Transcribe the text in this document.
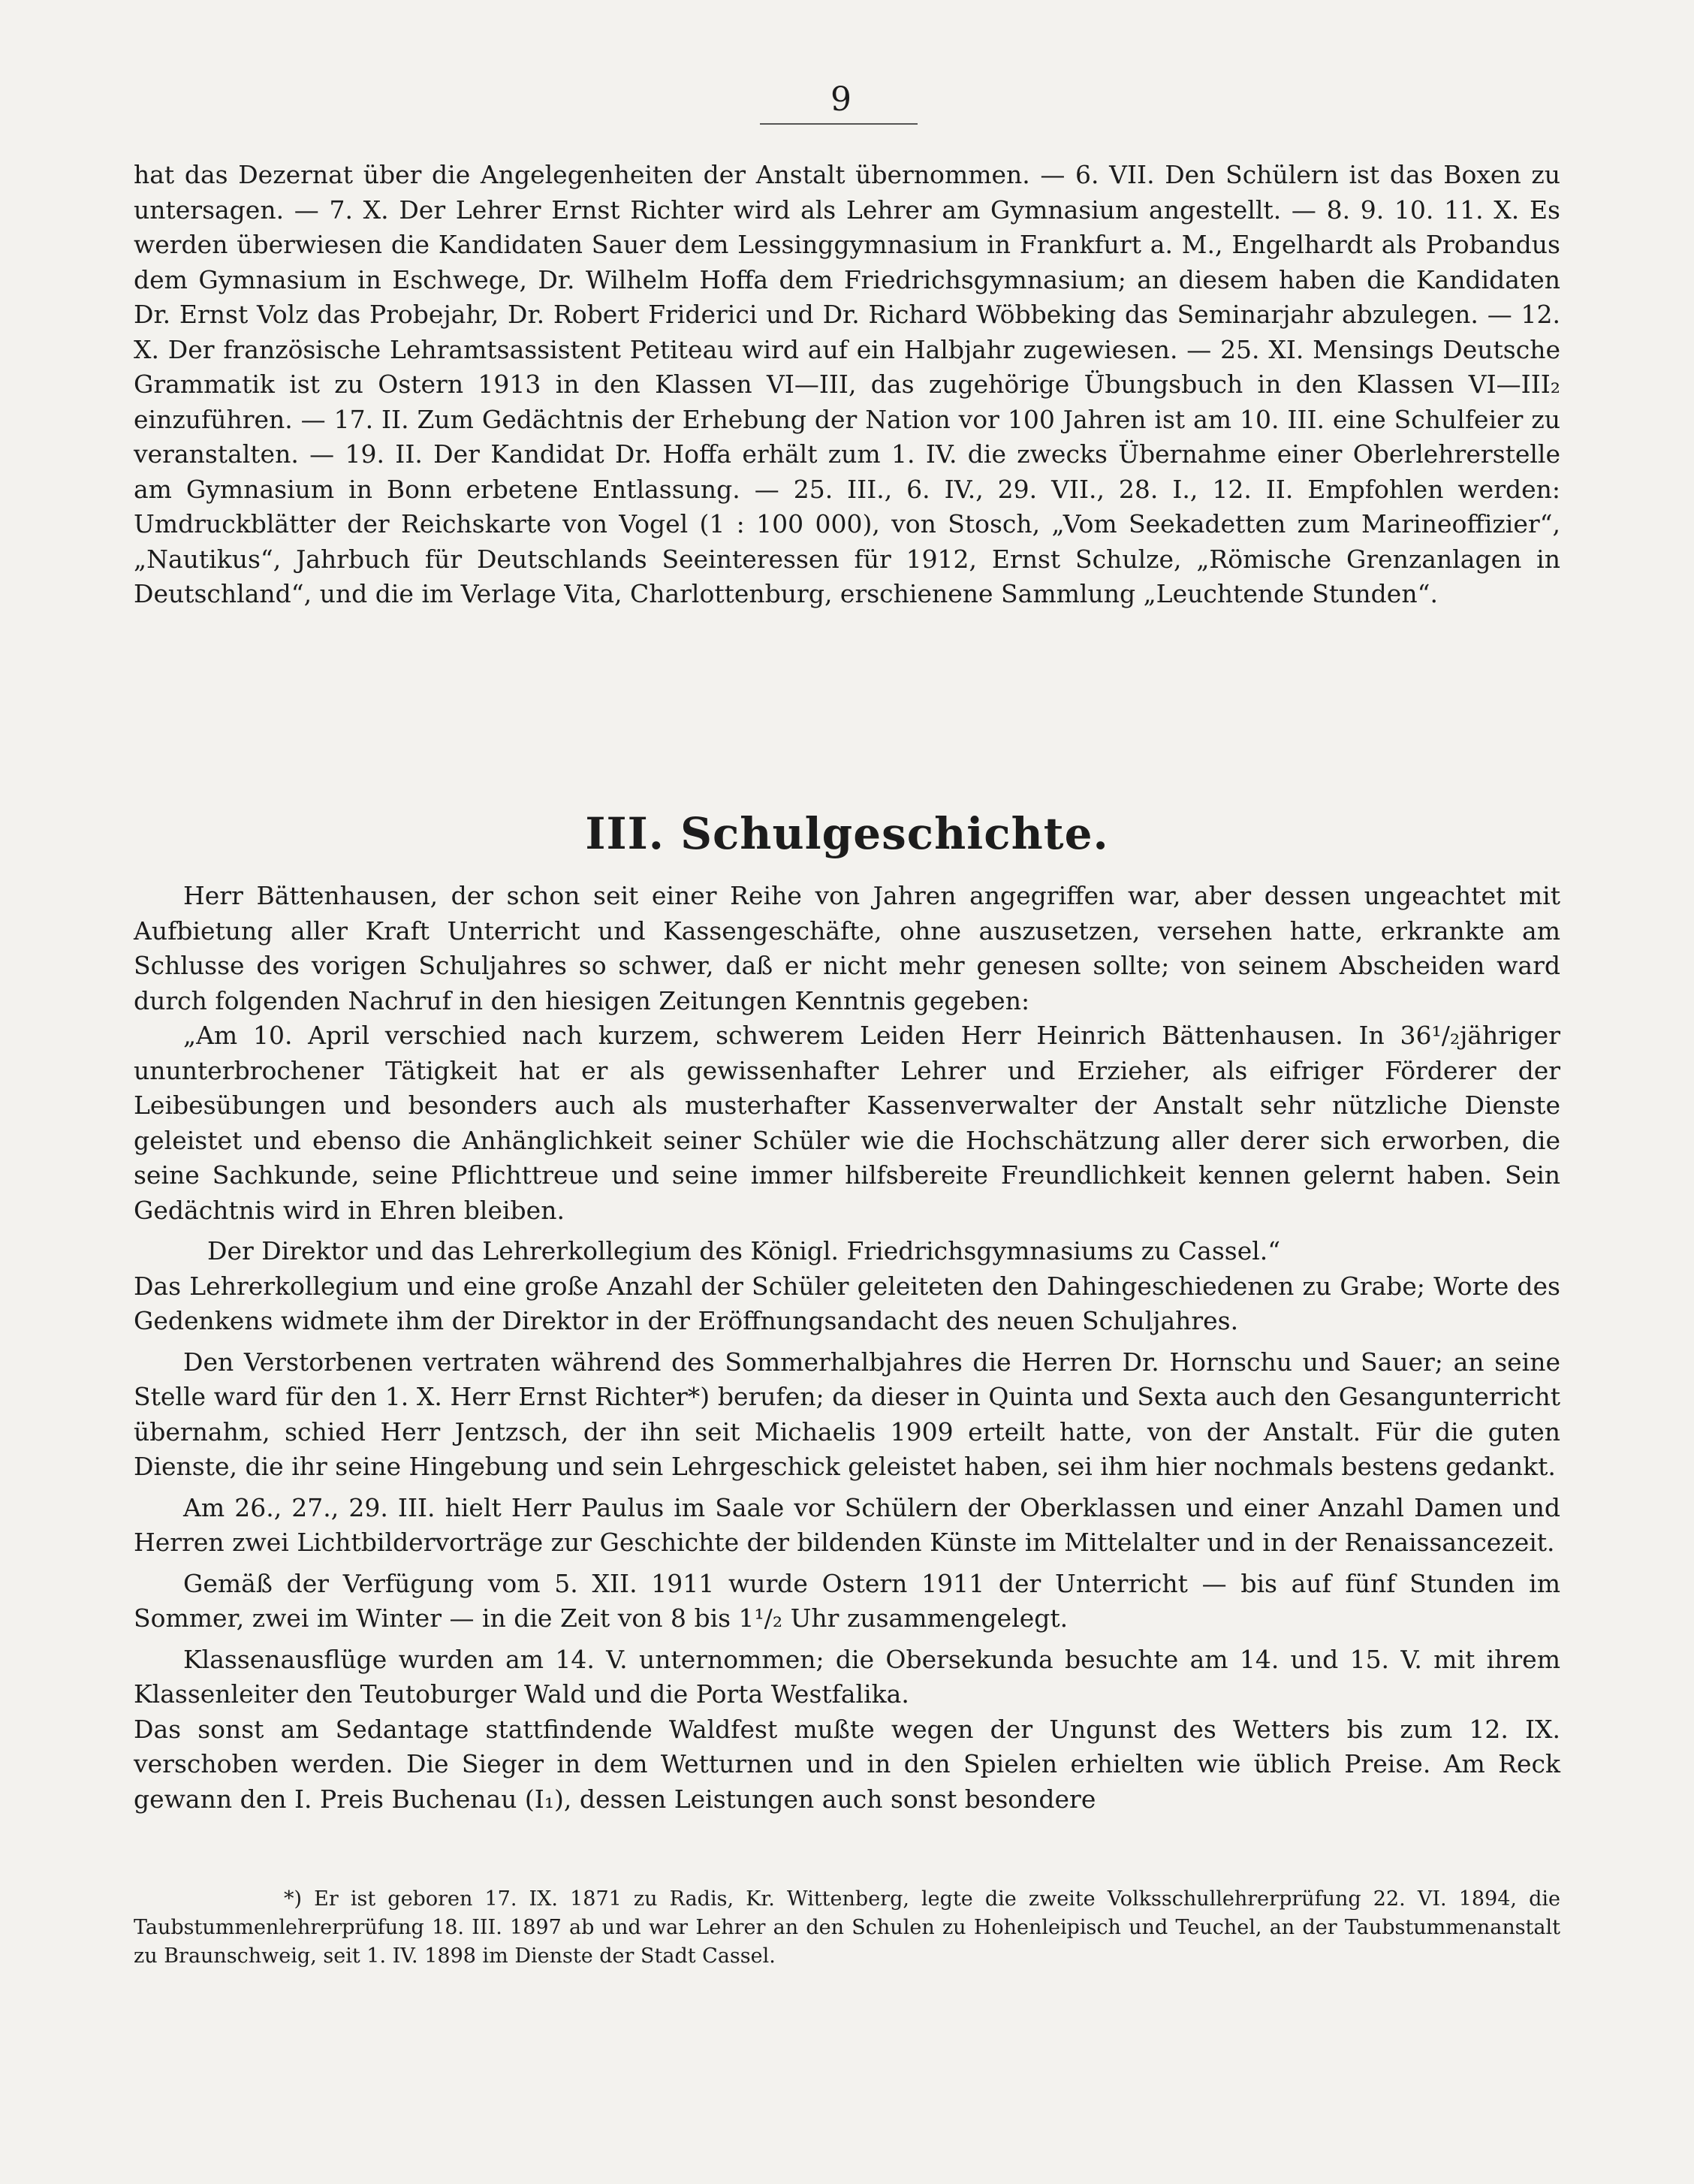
9

hat das Dezernat über die Angelegenheiten der Anstalt übernommen. — 6. VII. Den Schülern ist das Boxen zu untersagen. — 7. X. Der Lehrer Ernst Richter wird als Lehrer am Gymnasium angestellt. — 8. 9. 10. 11. X. Es werden überwiesen die Kandidaten Sauer dem Lessinggymnasium in Frankfurt a. M., Engelhardt als Probandus dem Gymnasium in Eschwege, Dr. Wilhelm Hoffa dem Friedrichsgymnasium; an diesem haben die Kandidaten Dr. Ernst Volz das Probejahr, Dr. Robert Friderici und Dr. Richard Wöbbeking das Seminarjahr abzulegen. — 12. X. Der französische Lehramtsassistent Petiteau wird auf ein Halbjahr zugewiesen. — 25. XI. Mensings Deutsche Grammatik ist zu Ostern 1913 in den Klassen VI—III, das zugehörige Übungsbuch in den Klassen VI—III₂ einzuführen. — 17. II. Zum Gedächtnis der Erhebung der Nation vor 100 Jahren ist am 10. III. eine Schulfeier zu veranstalten. — 19. II. Der Kandidat Dr. Hoffa erhält zum 1. IV. die zwecks Übernahme einer Oberlehrerstelle am Gymnasium in Bonn erbetene Entlassung. — 25. III., 6. IV., 29. VII., 28. I., 12. II. Empfohlen werden: Umdruckblätter der Reichskarte von Vogel (1 : 100 000), von Stosch, „Vom Seekadetten zum Marineoffizier“, „Nautikus“, Jahrbuch für Deutschlands Seeinteressen für 1912, Ernst Schulze, „Römische Grenzanlagen in Deutschland“, und die im Verlage Vita, Charlottenburg, erschienene Sammlung „Leuchtende Stunden“.

III. Schulgeschichte.

Herr Bättenhausen, der schon seit einer Reihe von Jahren angegriffen war, aber dessen ungeachtet mit Aufbietung aller Kraft Unterricht und Kassengeschäfte, ohne auszusetzen, versehen hatte, erkrankte am Schlusse des vorigen Schuljahres so schwer, daß er nicht mehr genesen sollte; von seinem Abscheiden ward durch folgenden Nachruf in den hiesigen Zeitungen Kenntnis gegeben:

„Am 10. April verschied nach kurzem, schwerem Leiden Herr Heinrich Bättenhausen. In 36¹/₂jähriger ununterbrochener Tätigkeit hat er als gewissenhafter Lehrer und Erzieher, als eifriger Förderer der Leibesübungen und besonders auch als musterhafter Kassenverwalter der Anstalt sehr nützliche Dienste geleistet und ebenso die Anhänglichkeit seiner Schüler wie die Hochschätzung aller derer sich erworben, die seine Sachkunde, seine Pflichttreue und seine immer hilfsbereite Freundlichkeit kennen gelernt haben. Sein Gedächtnis wird in Ehren bleiben.

Der Direktor und das Lehrerkollegium des Königl. Friedrichsgymnasiums zu Cassel.“

Das Lehrerkollegium und eine große Anzahl der Schüler geleiteten den Dahingeschiedenen zu Grabe; Worte des Gedenkens widmete ihm der Direktor in der Eröffnungsandacht des neuen Schuljahres.

Den Verstorbenen vertraten während des Sommerhalbjahres die Herren Dr. Hornschu und Sauer; an seine Stelle ward für den 1. X. Herr Ernst Richter*) berufen; da dieser in Quinta und Sexta auch den Gesangunterricht übernahm, schied Herr Jentzsch, der ihn seit Michaelis 1909 erteilt hatte, von der Anstalt. Für die guten Dienste, die ihr seine Hingebung und sein Lehrgeschick geleistet haben, sei ihm hier nochmals bestens gedankt.

Am 26., 27., 29. III. hielt Herr Paulus im Saale vor Schülern der Oberklassen und einer Anzahl Damen und Herren zwei Lichtbildervorträge zur Geschichte der bildenden Künste im Mittelalter und in der Renaissancezeit.

Gemäß der Verfügung vom 5. XII. 1911 wurde Ostern 1911 der Unterricht — bis auf fünf Stunden im Sommer, zwei im Winter — in die Zeit von 8 bis 1¹/₂ Uhr zusammengelegt.

Klassenausflüge wurden am 14. V. unternommen; die Obersekunda besuchte am 14. und 15. V. mit ihrem Klassenleiter den Teutoburger Wald und die Porta Westfalika.

Das sonst am Sedantage stattfindende Waldfest mußte wegen der Ungunst des Wetters bis zum 12. IX. verschoben werden. Die Sieger in dem Wetturnen und in den Spielen erhielten wie üblich Preise. Am Reck gewann den I. Preis Buchenau (I₁), dessen Leistungen auch sonst besondere

*) Er ist geboren 17. IX. 1871 zu Radis, Kr. Wittenberg, legte die zweite Volksschullehrerprüfung 22. VI. 1894, die Taubstummenlehrerprüfung 18. III. 1897 ab und war Lehrer an den Schulen zu Hohenleipisch und Teuchel, an der Taubstummenanstalt zu Braunschweig, seit 1. IV. 1898 im Dienste der Stadt Cassel.
